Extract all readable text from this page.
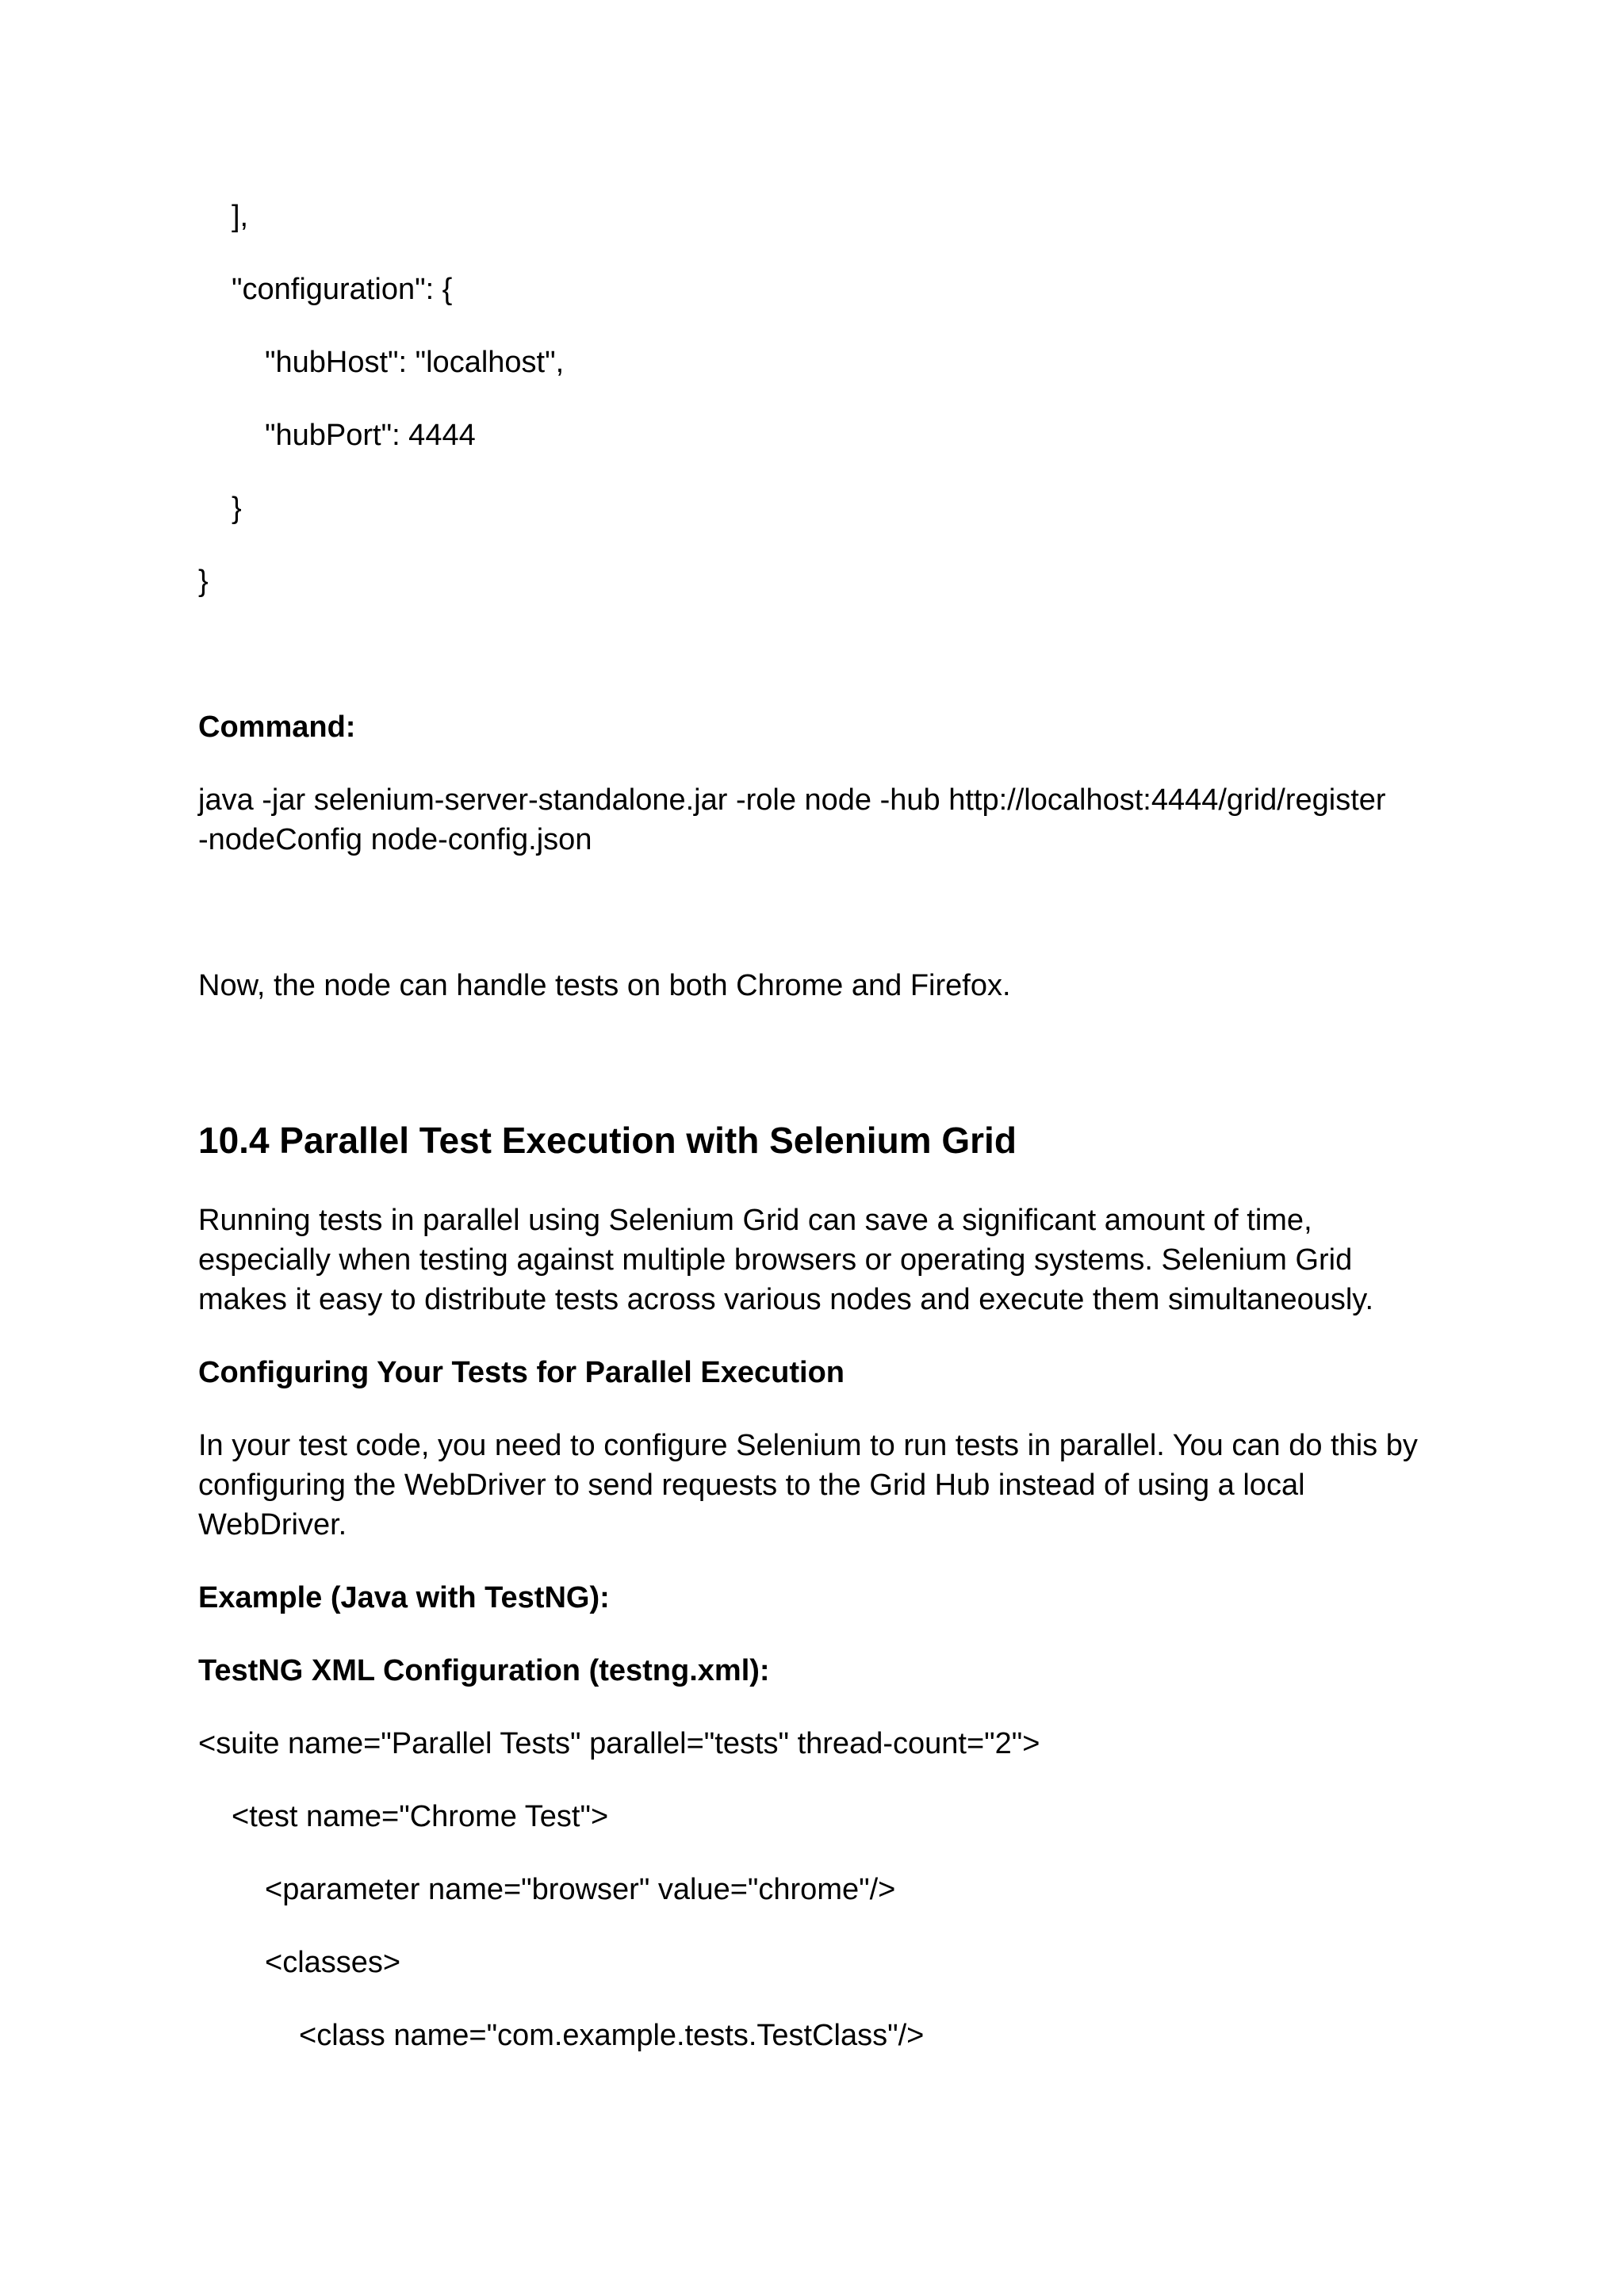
],

"configuration": {

"hubHost": "localhost",

"hubPort": 4444

}

}

Command:

java -jar selenium-server-standalone.jar -role node -hub http://localhost:4444/grid/register

-nodeConfig node-config.json

Now, the node can handle tests on both Chrome and Firefox.

10.4 Parallel Test Execution with Selenium Grid

Running tests in parallel using Selenium Grid can save a significant amount of time,

especially when testing against multiple browsers or operating systems. Selenium Grid

makes it easy to distribute tests across various nodes and execute them simultaneously.

Configuring Your Tests for Parallel Execution

In your test code, you need to configure Selenium to run tests in parallel. You can do this by

configuring the WebDriver to send requests to the Grid Hub instead of using a local

WebDriver.

Example (Java with TestNG):

TestNG XML Configuration (testng.xml):

<suite name="Parallel Tests" parallel="tests" thread-count="2">

<test name="Chrome Test">

<parameter name="browser" value="chrome"/>

<classes>

<class name="com.example.tests.TestClass"/>
